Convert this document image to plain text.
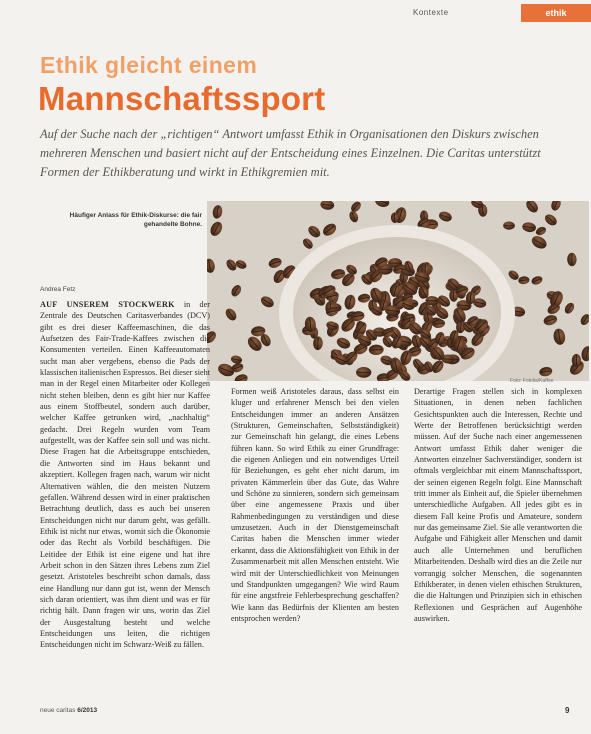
Kontexte	ethik
Ethik gleicht einem
Mannschaftssport

Auf der Suche nach der „richtigen“ Antwort umfasst Ethik in Organisationen den Diskurs zwischen mehreren Menschen und basiert nicht auf der Entscheidung eines Einzelnen. Die Caritas unterstützt Formen der Ethikberatung und wirkt in Ethikgremien mit.

Häufiger Anlass für Ethik-Diskurse: die fair gehandelte Bohne.

Foto: Fotolia/Kaffee
Andrea Fetz

AUF UNSEREM STOCKWERK in der Zentrale des Deutschen Caritasverbandes (DCV) gibt es drei dieser Kaffeemaschinen, die das Aufsetzen des Fair-Trade-Kaffees zwischen die Konsumenten verteilen. Einen Kaffeeautomaten sucht man aber vergebens, ebenso die Pads der klassischen italienischen Espressos. Bei dieser sieht man in der Regel einen Mitarbeiter oder Kollegen nicht stehen bleiben, denn es gibt hier nur Kaffee aus einem Stoffbeutel, sondern auch darüber, welcher Kaffee getrunken wird, „nachhaltig“ gedacht. Drei Regeln wurden vom Team aufgestellt, was der Kaffee sein soll und was nicht. Diese Fragen hat die Arbeitsgruppe entschieden, die Antworten sind im Haus bekannt und akzeptiert. Kollegen fragen nach, warum wir nicht Alternativen wählen, die den meisten Nutzern gefallen. Während dessen wird in einer praktischen Betrachtung deutlich, dass es auch bei unseren Entscheidungen nicht nur darum geht, was gefällt. Ethik ist nicht nur etwas, womit sich die Ökonomie oder das Recht als Vorbild beschäftigen. Die Leitidee der Ethik ist eine eigene und hat ihre Arbeit schon in den Sätzen ihres Lebens zum Ziel gesetzt. Aristoteles beschreibt schon damals, dass eine Handlung nur dann gut ist, wenn der Mensch sich daran orientiert, was ihm dient und was er für richtig hält. Dann fragen wir uns, worin das Ziel der Ausgestaltung besteht und welche Entscheidungen uns leiten, die richtigen Entscheidungen nicht im Schwarz-Weiß zu fällen.

Formen weiß Aristoteles daraus, dass selbst ein kluger und erfahrener Mensch bei den vielen Entscheidungen immer an anderen Ansätzen (Strukturen, Gemeinschaften, Selbstständigkeit) zur Gemeinschaft hin gelangt, die eines Lebens führen kann. So wird Ethik zu einer Grundfrage: die eigenen Anliegen und ein notwendiges Urteil für Beziehungen, es geht eher nicht darum, im privaten Kämmerlein über das Gute, das Wahre und Schöne zu sinnieren, sondern sich gemeinsam über eine angemessene Praxis und über Rahmenbedingungen zu verständigen und diese umzusetzen. Auch in der Dienstgemeinschaft Caritas haben die Menschen immer wieder erkannt, dass die Aktionsfähigkeit von Ethik in der Zusammenarbeit mit allen Menschen entsteht. Wie wird mit der Unterschiedlichkeit von Meinungen und Standpunkten umgegangen? Wie wird Raum für eine angstfreie Fehlerbesprechung geschaffen? Wie kann das Bedürfnis der Klienten am besten entsprochen werden?

Derartige Fragen stellen sich in komplexen Situationen, in denen neben fachlichen Gesichtspunkten auch die Interessen, Rechte und Werte der Betroffenen berücksichtigt werden müssen. Auf der Suche nach einer angemessenen Antwort umfasst Ethik daher weniger die Antworten einzelner Sachverständiger, sondern ist oftmals vergleichbar mit einem Mannschaftssport, der seinen eigenen Regeln folgt. Eine Mannschaft tritt immer als Einheit auf, die Spieler übernehmen unterschiedliche Aufgaben. All jedes gibt es in diesem Fall keine Profis und Amateure, sondern nur das gemeinsame Ziel. Sie alle verantworten die Aufgabe und Fähigkeit aller Menschen und damit auch alle Unternehmen und beruflichen Mitarbeitenden. Deshalb wird dies an die Zeile nur vorrangig solcher Menschen, die sogenannten Ethikberater, in denen vielen ethischen Strukturen, die die Haltungen und Prinzipien sich in ethischen Reflexionen und Gesprächen auf Augenhöhe auswirken.

neue caritas 6/2013	9
